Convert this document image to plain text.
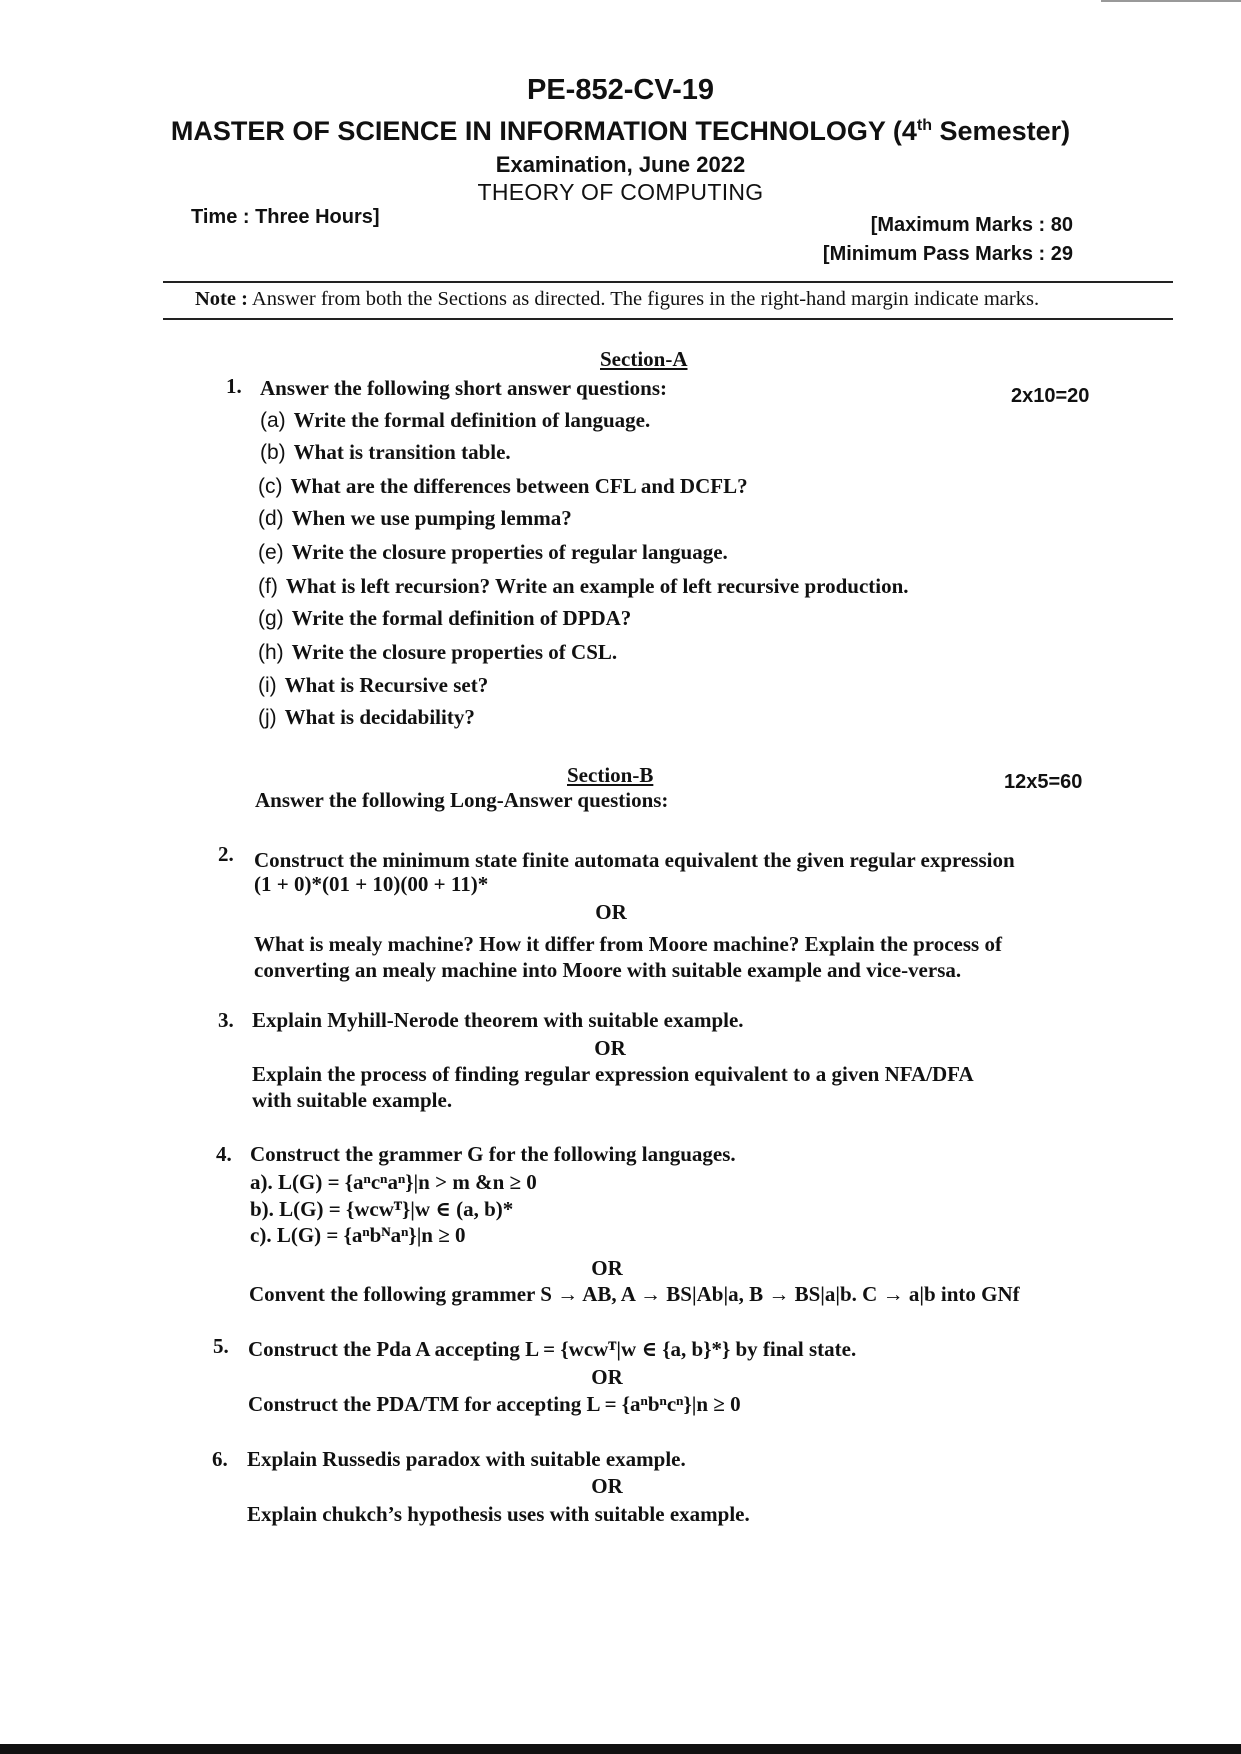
PE-852-CV-19
MASTER OF SCIENCE IN INFORMATION TECHNOLOGY (4th Semester)
Examination, June 2022
THEORY OF COMPUTING
Time : Three Hours]	[Maximum Marks : 80
[Minimum Pass Marks : 29
Note : Answer from both the Sections as directed. The figures in the right-hand margin indicate marks.
Section-A
1. Answer the following short answer questions:	2x10=20
(a) Write the formal definition of language.
(b) What is transition table.
(c) What are the differences between CFL and DCFL?
(d) When we use pumping lemma?
(e) Write the closure properties of regular language.
(f) What is left recursion? Write an example of left recursive production.
(g) Write the formal definition of DPDA?
(h) Write the closure properties of CSL.
(i) What is Recursive set?
(j) What is decidability?
Section-B	12x5=60
Answer the following Long-Answer questions:
2. Construct the minimum state finite automata equivalent the given regular expression
(1 + 0)*(01 + 10)(00 + 11)*
OR
What is mealy machine? How it differ from Moore machine? Explain the process of
converting an mealy machine into Moore with suitable example and vice-versa.
3. Explain Myhill-Nerode theorem with suitable example.
OR
Explain the process of finding regular expression equivalent to a given NFA/DFA
with suitable example.
4. Construct the grammer G for the following languages.
a). L(G) = {aⁿcⁿaⁿ}|n > m &n ≥ 0
b). L(G) = {wcwᵀ}|w ∈ (a, b)*
c). L(G) = {aⁿbᴺaⁿ}|n ≥ 0
OR
Convent the following grammer S → AB, A → BS|Ab|a, B → BS|a|b. C → a|b into GNf
5. Construct the Pda A accepting L = {wcwᵀ|w ∈ {a, b}*} by final state.
OR
Construct the PDA/TM for accepting L = {aⁿbⁿcⁿ}|n ≥ 0
6. Explain Russedis paradox with suitable example.
OR
Explain chukch’s hypothesis uses with suitable example.
